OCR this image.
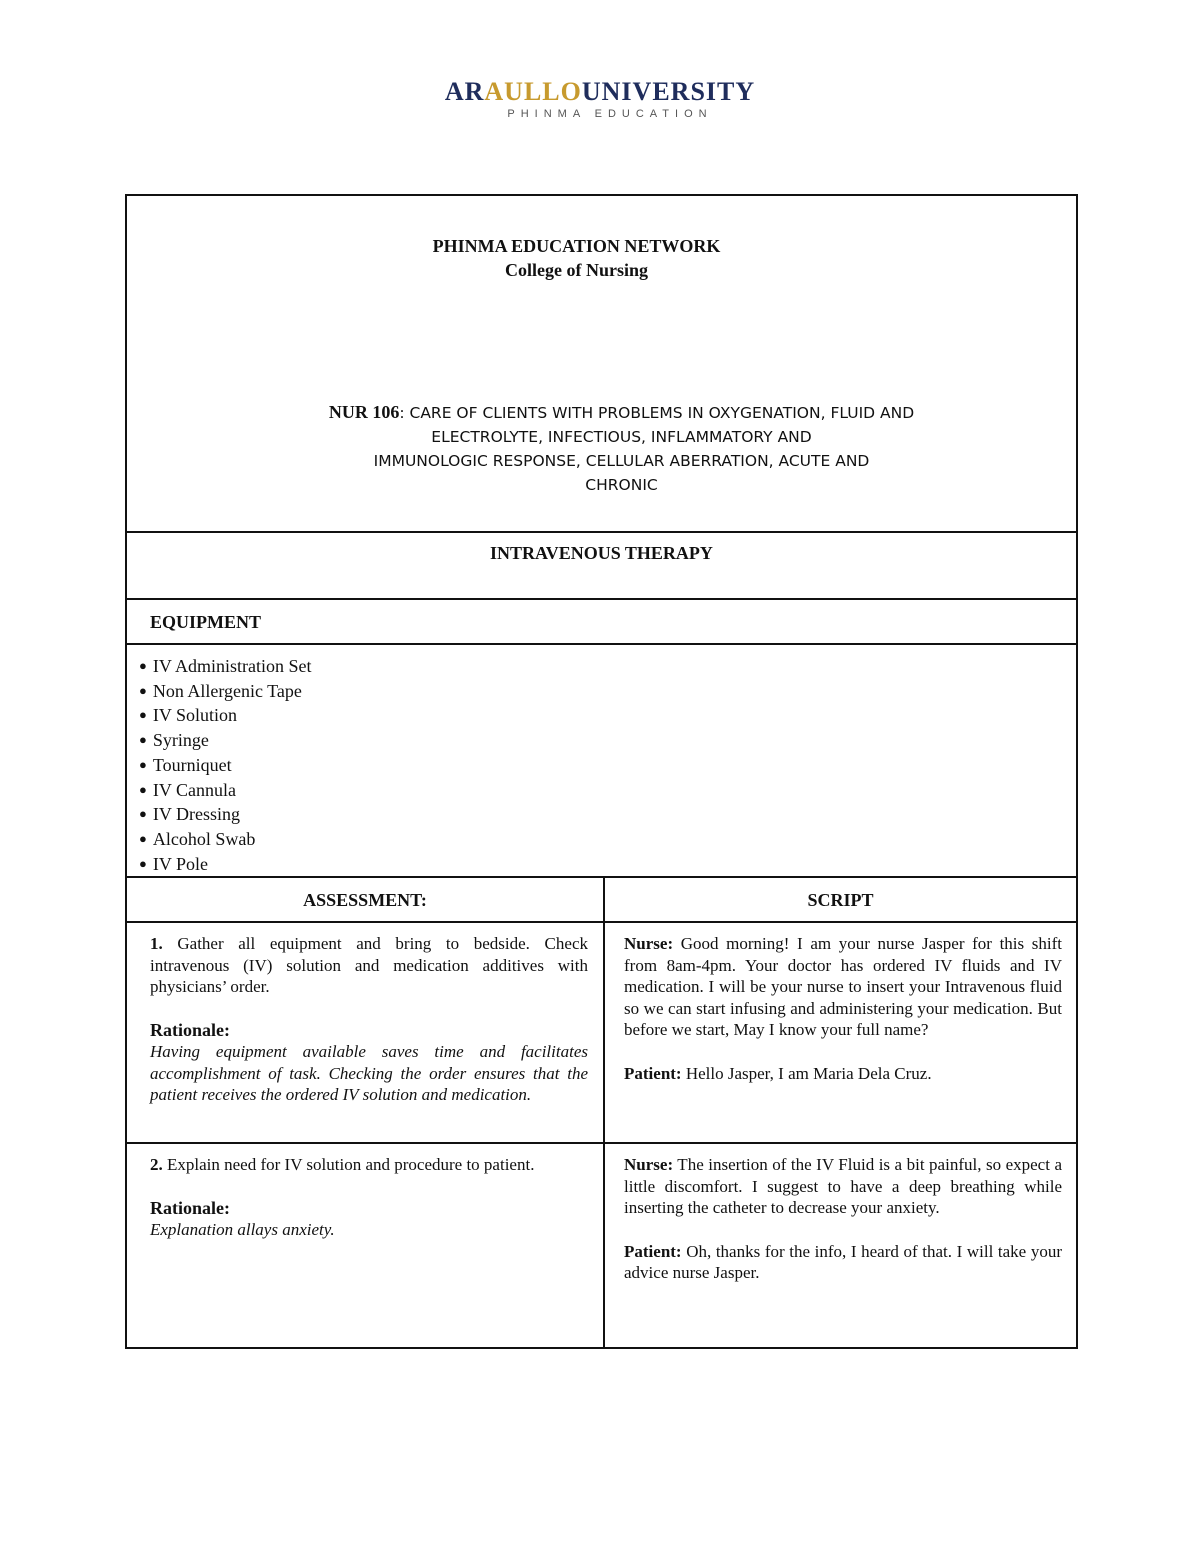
ARAULLOUNIVERSITY
PHINMA EDUCATION
PHINMA EDUCATION NETWORK
College of Nursing
NUR 106: CARE OF CLIENTS WITH PROBLEMS IN OXYGENATION, FLUID AND
ELECTROLYTE, INFECTIOUS, INFLAMMATORY AND
IMMUNOLOGIC RESPONSE, CELLULAR ABERRATION, ACUTE AND
CHRONIC
INTRAVENOUS THERAPY
EQUIPMENT
● IV Administration Set
● Non Allergenic Tape
● IV Solution
● Syringe
● Tourniquet
● IV Cannula
● IV Dressing
● Alcohol Swab
● IV Pole
ASSESSMENT:	SCRIPT

1. Gather all equipment and bring to bedside. Check intravenous (IV) solution and medication additives with physicians’ order.

Rationale:

Having equipment available saves time and facilitates accomplishment of task. Checking the order ensures that the patient receives the ordered IV solution and medication.

Nurse: Good morning! I am your nurse Jasper for this shift from 8am-4pm. Your doctor has ordered IV fluids and IV medication. I will be your nurse to insert your Intravenous fluid so we can start infusing and administering your medication. But before we start, May I know your full name?

Patient: Hello Jasper, I am Maria Dela Cruz.

2. Explain need for IV solution and procedure to patient.

Rationale:

Explanation allays anxiety.

Nurse: The insertion of the IV Fluid is a bit painful, so expect a little discomfort. I suggest to have a deep breathing while inserting the catheter to decrease your anxiety.

Patient: Oh, thanks for the info, I heard of that. I will take your advice nurse Jasper.
